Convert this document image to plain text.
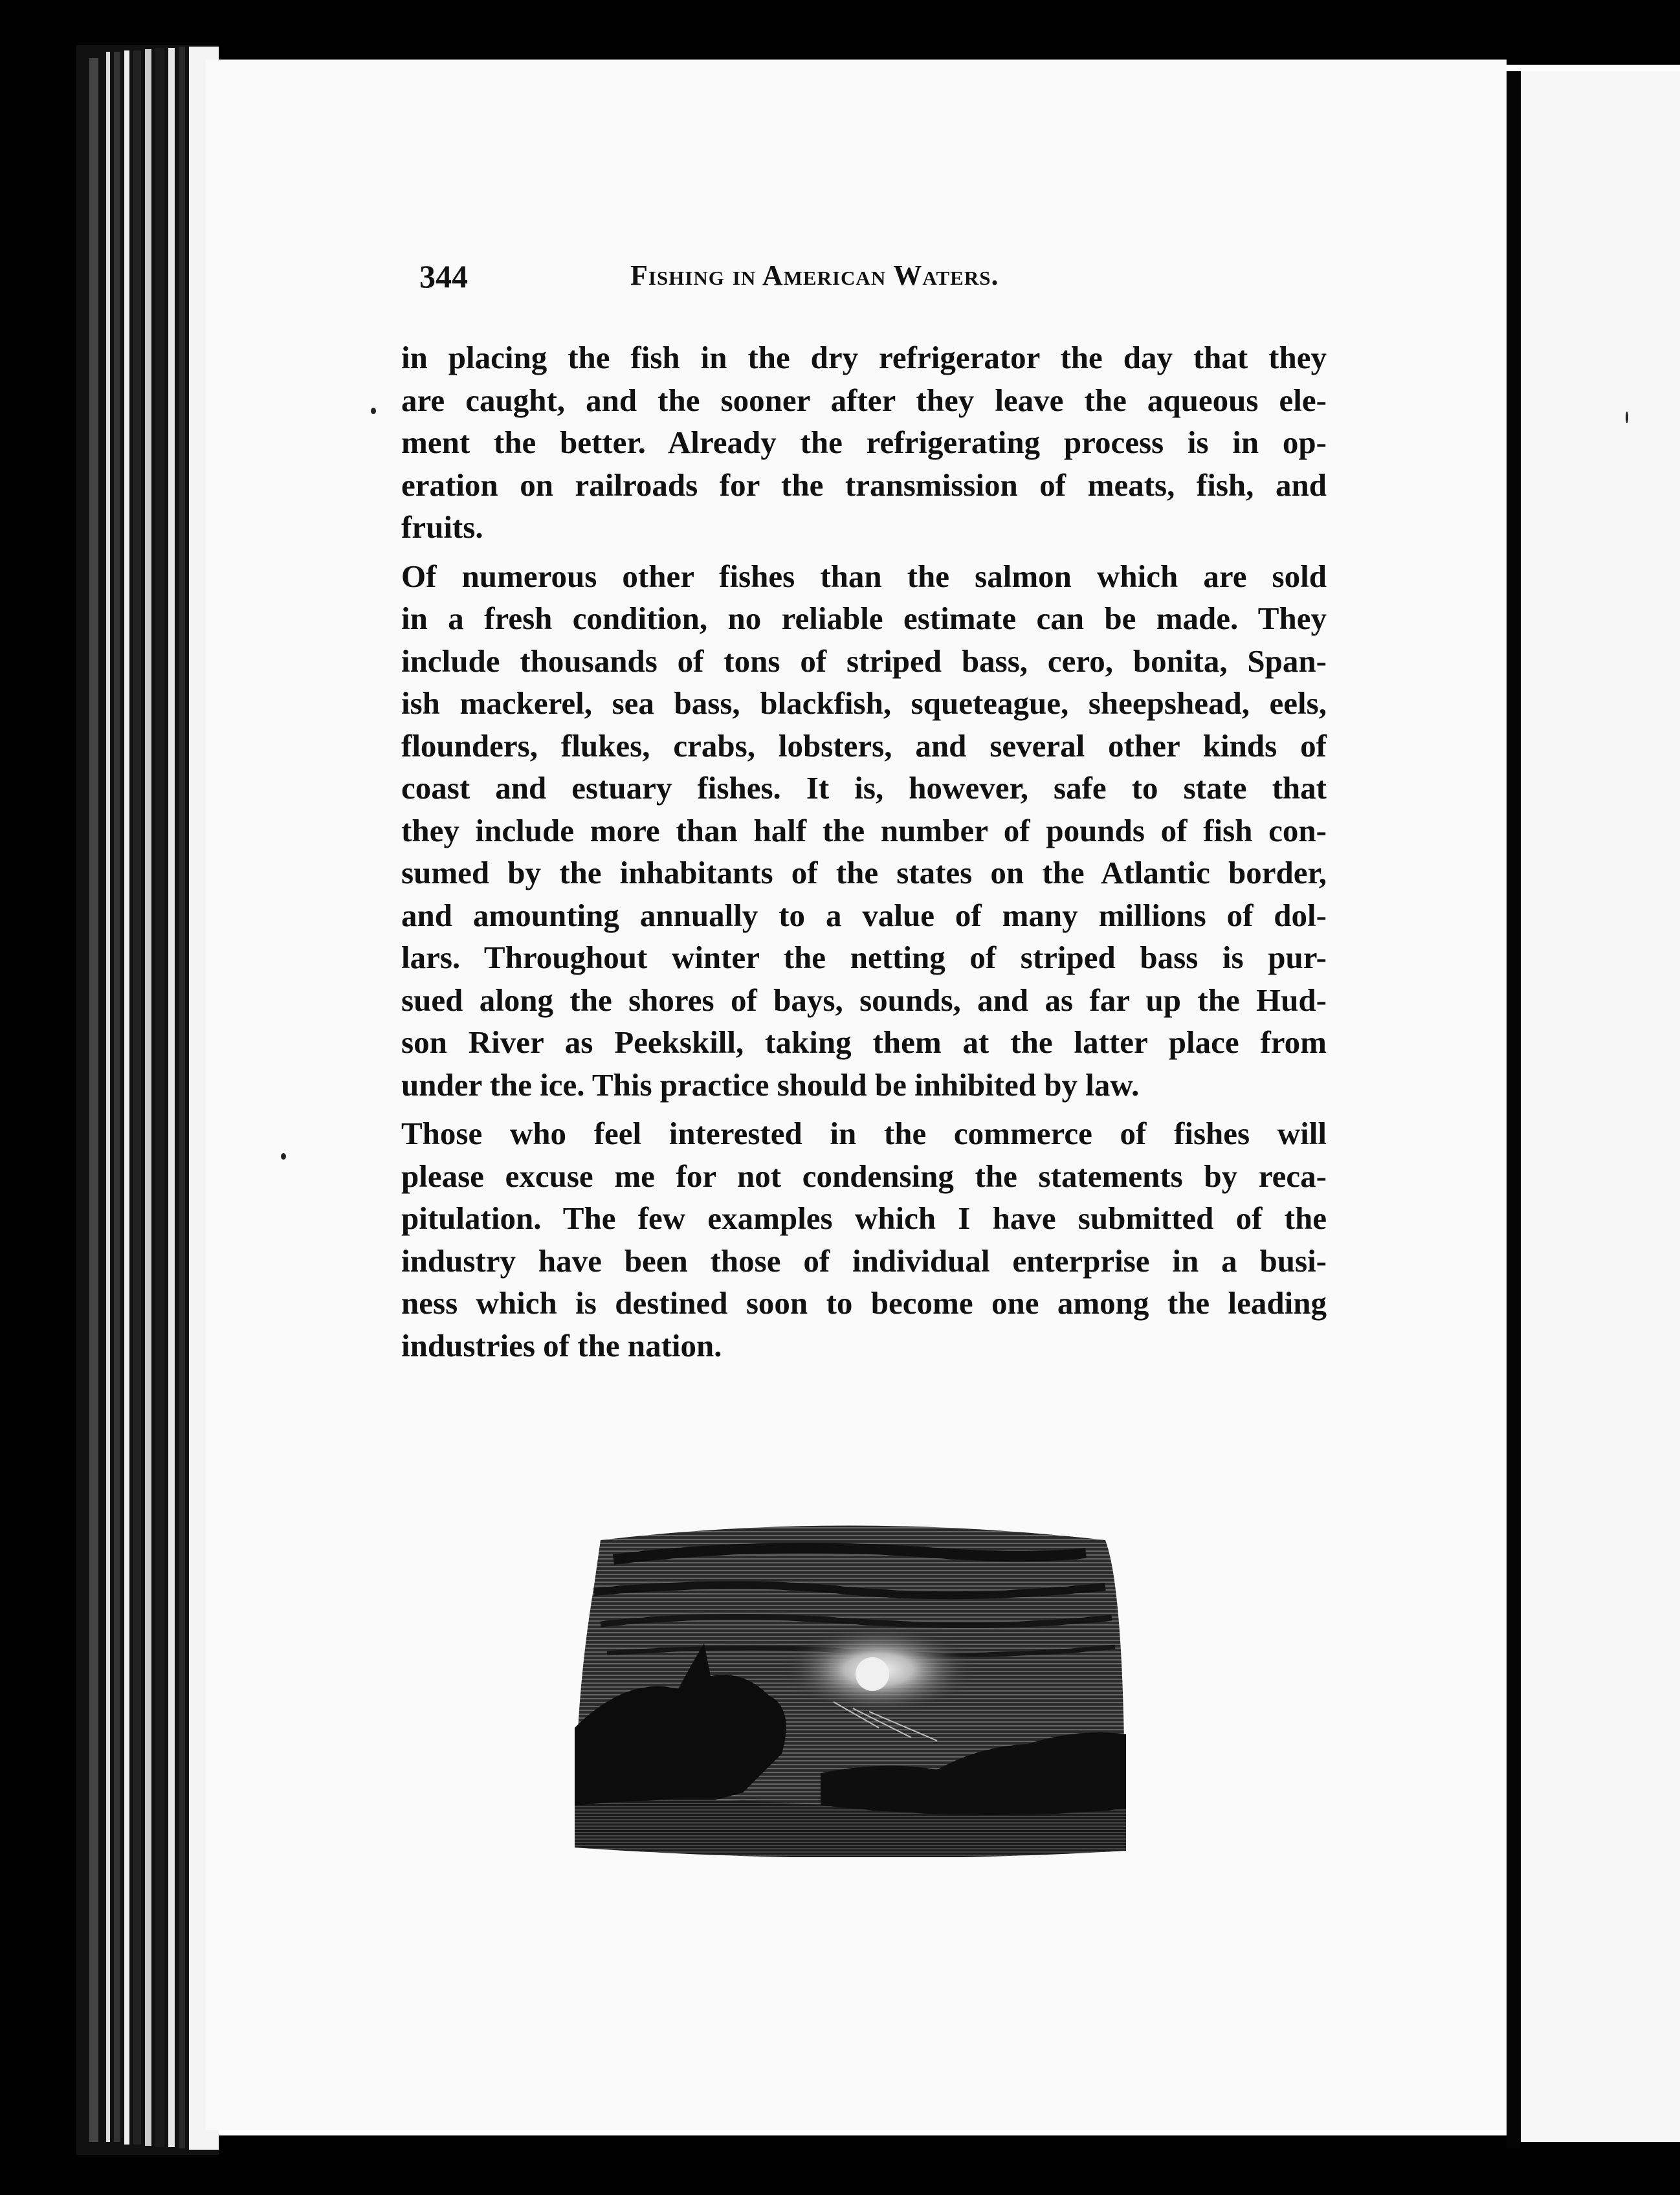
344	Fishing in American Waters.

in placing the fish in the dry refrigerator the day that they
are caught, and the sooner after they leave the aqueous ele-
ment the better. Already the refrigerating process is in op-
eration on railroads for the transmission of meats, fish, and
fruits.

Of numerous other fishes than the salmon which are sold
in a fresh condition, no reliable estimate can be made. They
include thousands of tons of striped bass, cero, bonita, Span-
ish mackerel, sea bass, blackfish, squeteague, sheepshead, eels,
flounders, flukes, crabs, lobsters, and several other kinds of
coast and estuary fishes. It is, however, safe to state that
they include more than half the number of pounds of fish con-
sumed by the inhabitants of the states on the Atlantic border,
and amounting annually to a value of many millions of dol-
lars. Throughout winter the netting of striped bass is pur-
sued along the shores of bays, sounds, and as far up the Hud-
son River as Peekskill, taking them at the latter place from
under the ice. This practice should be inhibited by law.

Those who feel interested in the commerce of fishes will
please excuse me for not condensing the statements by reca-
pitulation. The few examples which I have submitted of the
industry have been those of individual enterprise in a busi-
ness which is destined soon to become one among the leading
industries of the nation.
